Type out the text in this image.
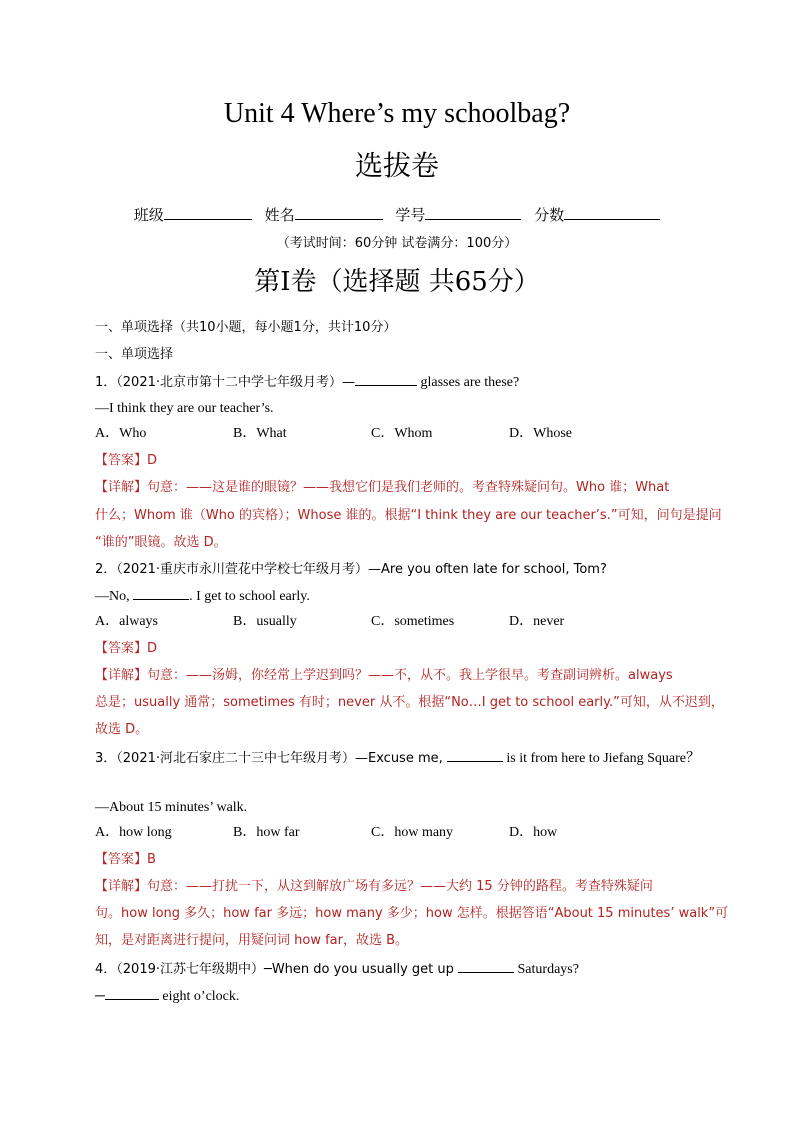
Unit 4 Where’s my schoolbag?
选拔卷
班级	姓名	学号	分数
（考试时间：60分钟 试卷满分：100分）
第Ⅰ卷（选择题 共65分）
一、单项选择（共10小题，每小题1分，共计10分）
一、单项选择
1．（2021·北京市第十二中学七年级月考）—	glasses are these?
—I think they are our teacher’s.
A．Who	B．What	C．Whom	D．Whose
【答案】D
【详解】句意：——这是谁的眼镜？——我想它们是我们老师的。考查特殊疑问句。Who 谁；What
什么；Whom 谁（Who 的宾格）；Whose 谁的。根据“I think they are our teacher’s.”可知，问句是提问
“谁的”眼镜。故选 D。
2．（2021·重庆市永川萱花中学校七年级月考）—Are you often late for school, Tom?
—No,	. I get to school early.
A．always	B．usually	C．sometimes	D．never
【答案】D
【详解】句意：——汤姆，你经常上学迟到吗？——不，从不。我上学很早。考查副词辨析。always
总是；usually 通常；sometimes 有时；never 从不。根据“No…I get to school early.”可知，从不迟到，
故选 D。
3．（2021·河北石家庄二十三中七年级月考）—Excuse me,	is it from here to Jiefang Square？
—About 15 minutes’ walk.
A．how long	B．how far	C．how many	D．how
【答案】B
【详解】句意：——打扰一下，从这到解放广场有多远？——大约 15 分钟的路程。考查特殊疑问
句。how long 多久；how far 多远；how many 多少；how 怎样。根据答语“About 15 minutes’ walk”可
知，是对距离进行提问，用疑问词 how far，故选 B。
4．（2019·江苏七年级期中）─When do you usually get up	Saturdays?
─	eight o’clock.
